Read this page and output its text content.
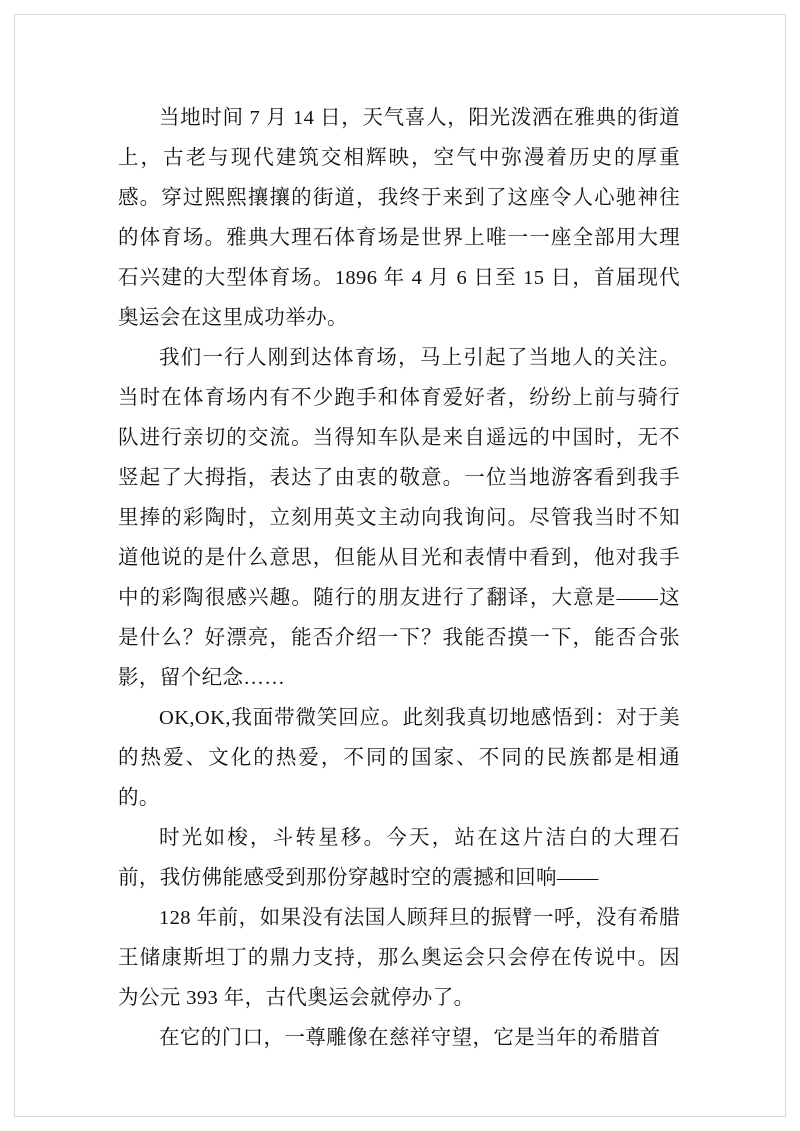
当地时间 7 月 14 日，天气喜人，阳光泼洒在雅典的街道上，古老与现代建筑交相辉映，空气中弥漫着历史的厚重感。穿过熙熙攘攘的街道，我终于来到了这座令人心驰神往的体育场。雅典大理石体育场是世界上唯一一座全部用大理石兴建的大型体育场。1896 年 4 月 6 日至 15 日，首届现代奥运会在这里成功举办。

我们一行人刚到达体育场，马上引起了当地人的关注。当时在体育场内有不少跑手和体育爱好者，纷纷上前与骑行队进行亲切的交流。当得知车队是来自遥远的中国时，无不竖起了大拇指，表达了由衷的敬意。一位当地游客看到我手里捧的彩陶时，立刻用英文主动向我询问。尽管我当时不知道他说的是什么意思，但能从目光和表情中看到，他对我手中的彩陶很感兴趣。随行的朋友进行了翻译，大意是——这是什么？好漂亮，能否介绍一下？我能否摸一下，能否合张影，留个纪念……

OK,OK,我面带微笑回应。此刻我真切地感悟到：对于美的热爱、文化的热爱，不同的国家、不同的民族都是相通的。

时光如梭，斗转星移。今天，站在这片洁白的大理石前，我仿佛能感受到那份穿越时空的震撼和回响——

128 年前，如果没有法国人顾拜旦的振臂一呼，没有希腊王储康斯坦丁的鼎力支持，那么奥运会只会停在传说中。因为公元 393 年，古代奥运会就停办了。

在它的门口，一尊雕像在慈祥守望，它是当年的希腊首
